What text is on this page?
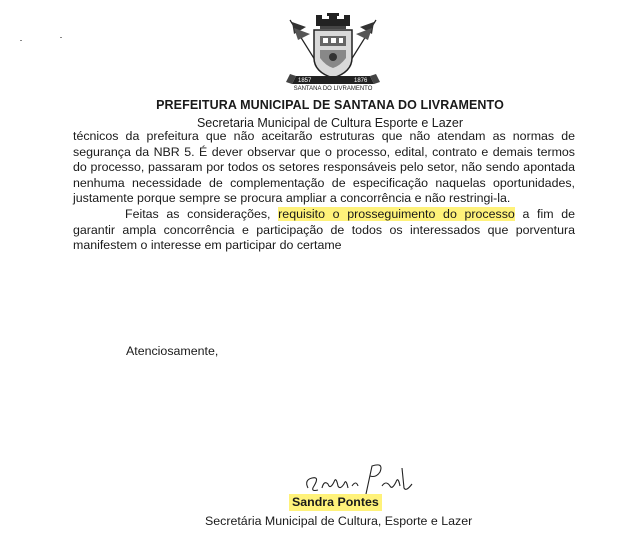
1857	1876
SANTANA DO LIVRAMENTO
PREFEITURA MUNICIPAL DE SANTANA DO LIVRAMENTO
Secretaria Municipal de Cultura Esporte e Lazer

técnicos da prefeitura que não aceitarão estruturas que não atendam as normas de segurança da NBR 5. É dever observar que o processo, edital, contrato e demais termos do processo, passaram por todos os setores responsáveis pelo setor, não sendo apontada nenhuma necessidade de complementação de especificação naquelas oportunidades, justamente porque sempre se procura ampliar a concorrência e não restringi-la.

Feitas as considerações, requisito o prosseguimento do processo a fim de garantir ampla concorrência e participação de todos os interessados que porventura manifestem o interesse em participar do certame

Atenciosamente,
Sandra Pontes
Secretária Municipal de Cultura, Esporte e Lazer
